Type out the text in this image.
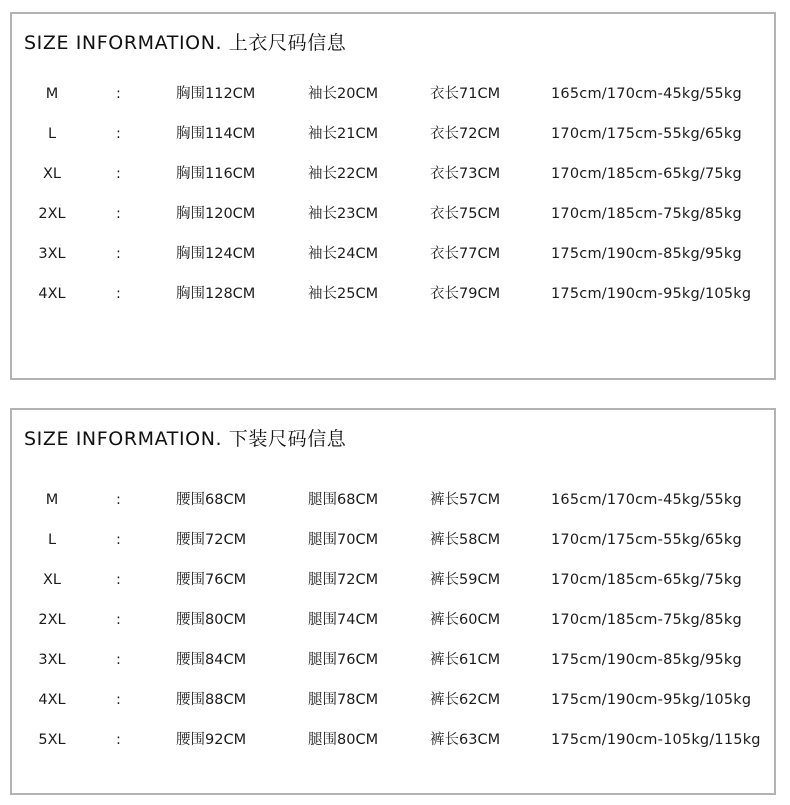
SIZE INFORMATION. 上衣尺码信息
M	:	胸围112CM	袖长20CM	衣长71CM	165cm/170cm-45kg/55kg
L	:	胸围114CM	袖长21CM	衣长72CM	170cm/175cm-55kg/65kg
XL	:	胸围116CM	袖长22CM	衣长73CM	170cm/185cm-65kg/75kg
2XL	:	胸围120CM	袖长23CM	衣长75CM	170cm/185cm-75kg/85kg
3XL	:	胸围124CM	袖长24CM	衣长77CM	175cm/190cm-85kg/95kg
4XL	:	胸围128CM	袖长25CM	衣长79CM	175cm/190cm-95kg/105kg
SIZE INFORMATION. 下装尺码信息
M	:	腰围68CM	腿围68CM	裤长57CM	165cm/170cm-45kg/55kg
L	:	腰围72CM	腿围70CM	裤长58CM	170cm/175cm-55kg/65kg
XL	:	腰围76CM	腿围72CM	裤长59CM	170cm/185cm-65kg/75kg
2XL	:	腰围80CM	腿围74CM	裤长60CM	170cm/185cm-75kg/85kg
3XL	:	腰围84CM	腿围76CM	裤长61CM	175cm/190cm-85kg/95kg
4XL	:	腰围88CM	腿围78CM	裤长62CM	175cm/190cm-95kg/105kg
5XL	:	腰围92CM	腿围80CM	裤长63CM	175cm/190cm-105kg/115kg
